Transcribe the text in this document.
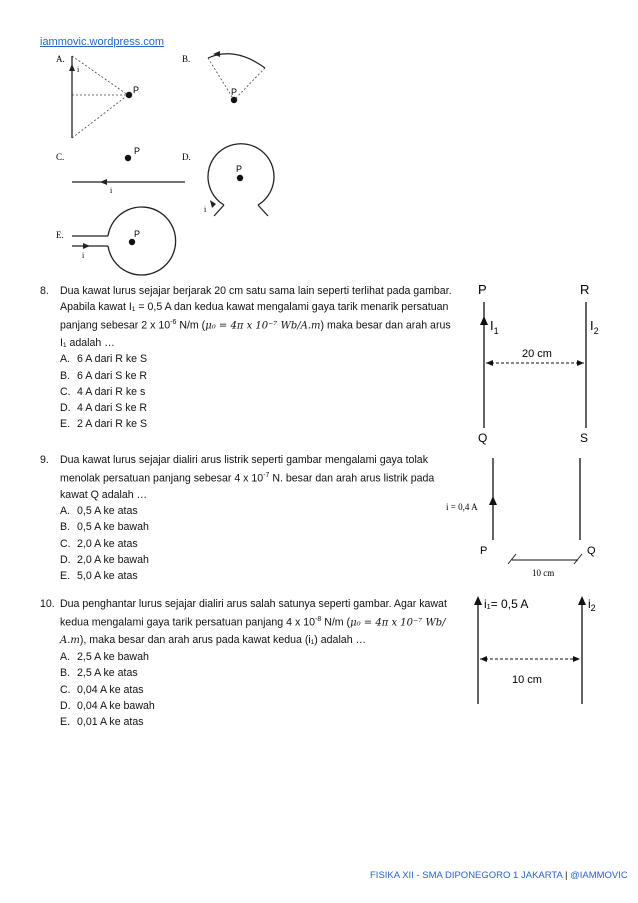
iammovic.wordpress.com
A.
i
P
B.
P
C.
P
i
D.
P
i
E.	P
i
8.	Dua kawat lurus sejajar berjarak 20 cm satu sama lain seperti terlihat pada gambar.

Apabila kawat I₁ = 0,5 A dan kedua kawat mengalami gaya tarik menarik persatuan

panjang sebesar 2 x $10^{-6}$ N/m (μ₀ = 4π x 10⁻⁷ Wb/A.m) maka besar dan arah arus

I₁ adalah …

A. 6 A dari R ke S
B. 6 A dari S ke R
C. 4 A dari R ke s
D. 4 A dari S ke R
E. 2 A dari R ke S
P	R
$I_1$	$I_2$
20 cm
Q	S
9.	Dua kawat lurus sejajar dialiri arus listrik seperti gambar mengalami gaya tolak

menolak persatuan panjang sebesar 4 x $10^{-7}$ N. besar dan arah arus listrik pada

kawat Q adalah …

A. 0,5 A ke atas
B. 0,5 A ke bawah
C. 2,0 A ke atas
D. 2,0 A ke bawah
E. 5,0 A ke atas
i = 0,4 A
P	Q
10 cm
10. Dua penghantar lurus sejajar dialiri arus salah satunya seperti gambar. Agar kawat

kedua mengalami gaya tarik persatuan panjang 4 x $10^{-8}$ N/m (μ₀ = 4π x 10⁻⁷ Wb/

A.m), maka besar dan arah arus pada kawat kedua (i₁) adalah …

A. 2,5 A ke bawah
B. 2,5 A ke atas
C. 0,04 A ke atas
D. 0,04 A ke bawah
E. 0,01 A ke atas
i₁= 0,5 A	$i_2$
10 cm
FISIKA XII - SMA DIPONEGORO 1 JAKARTA | @IAMMOVIC
